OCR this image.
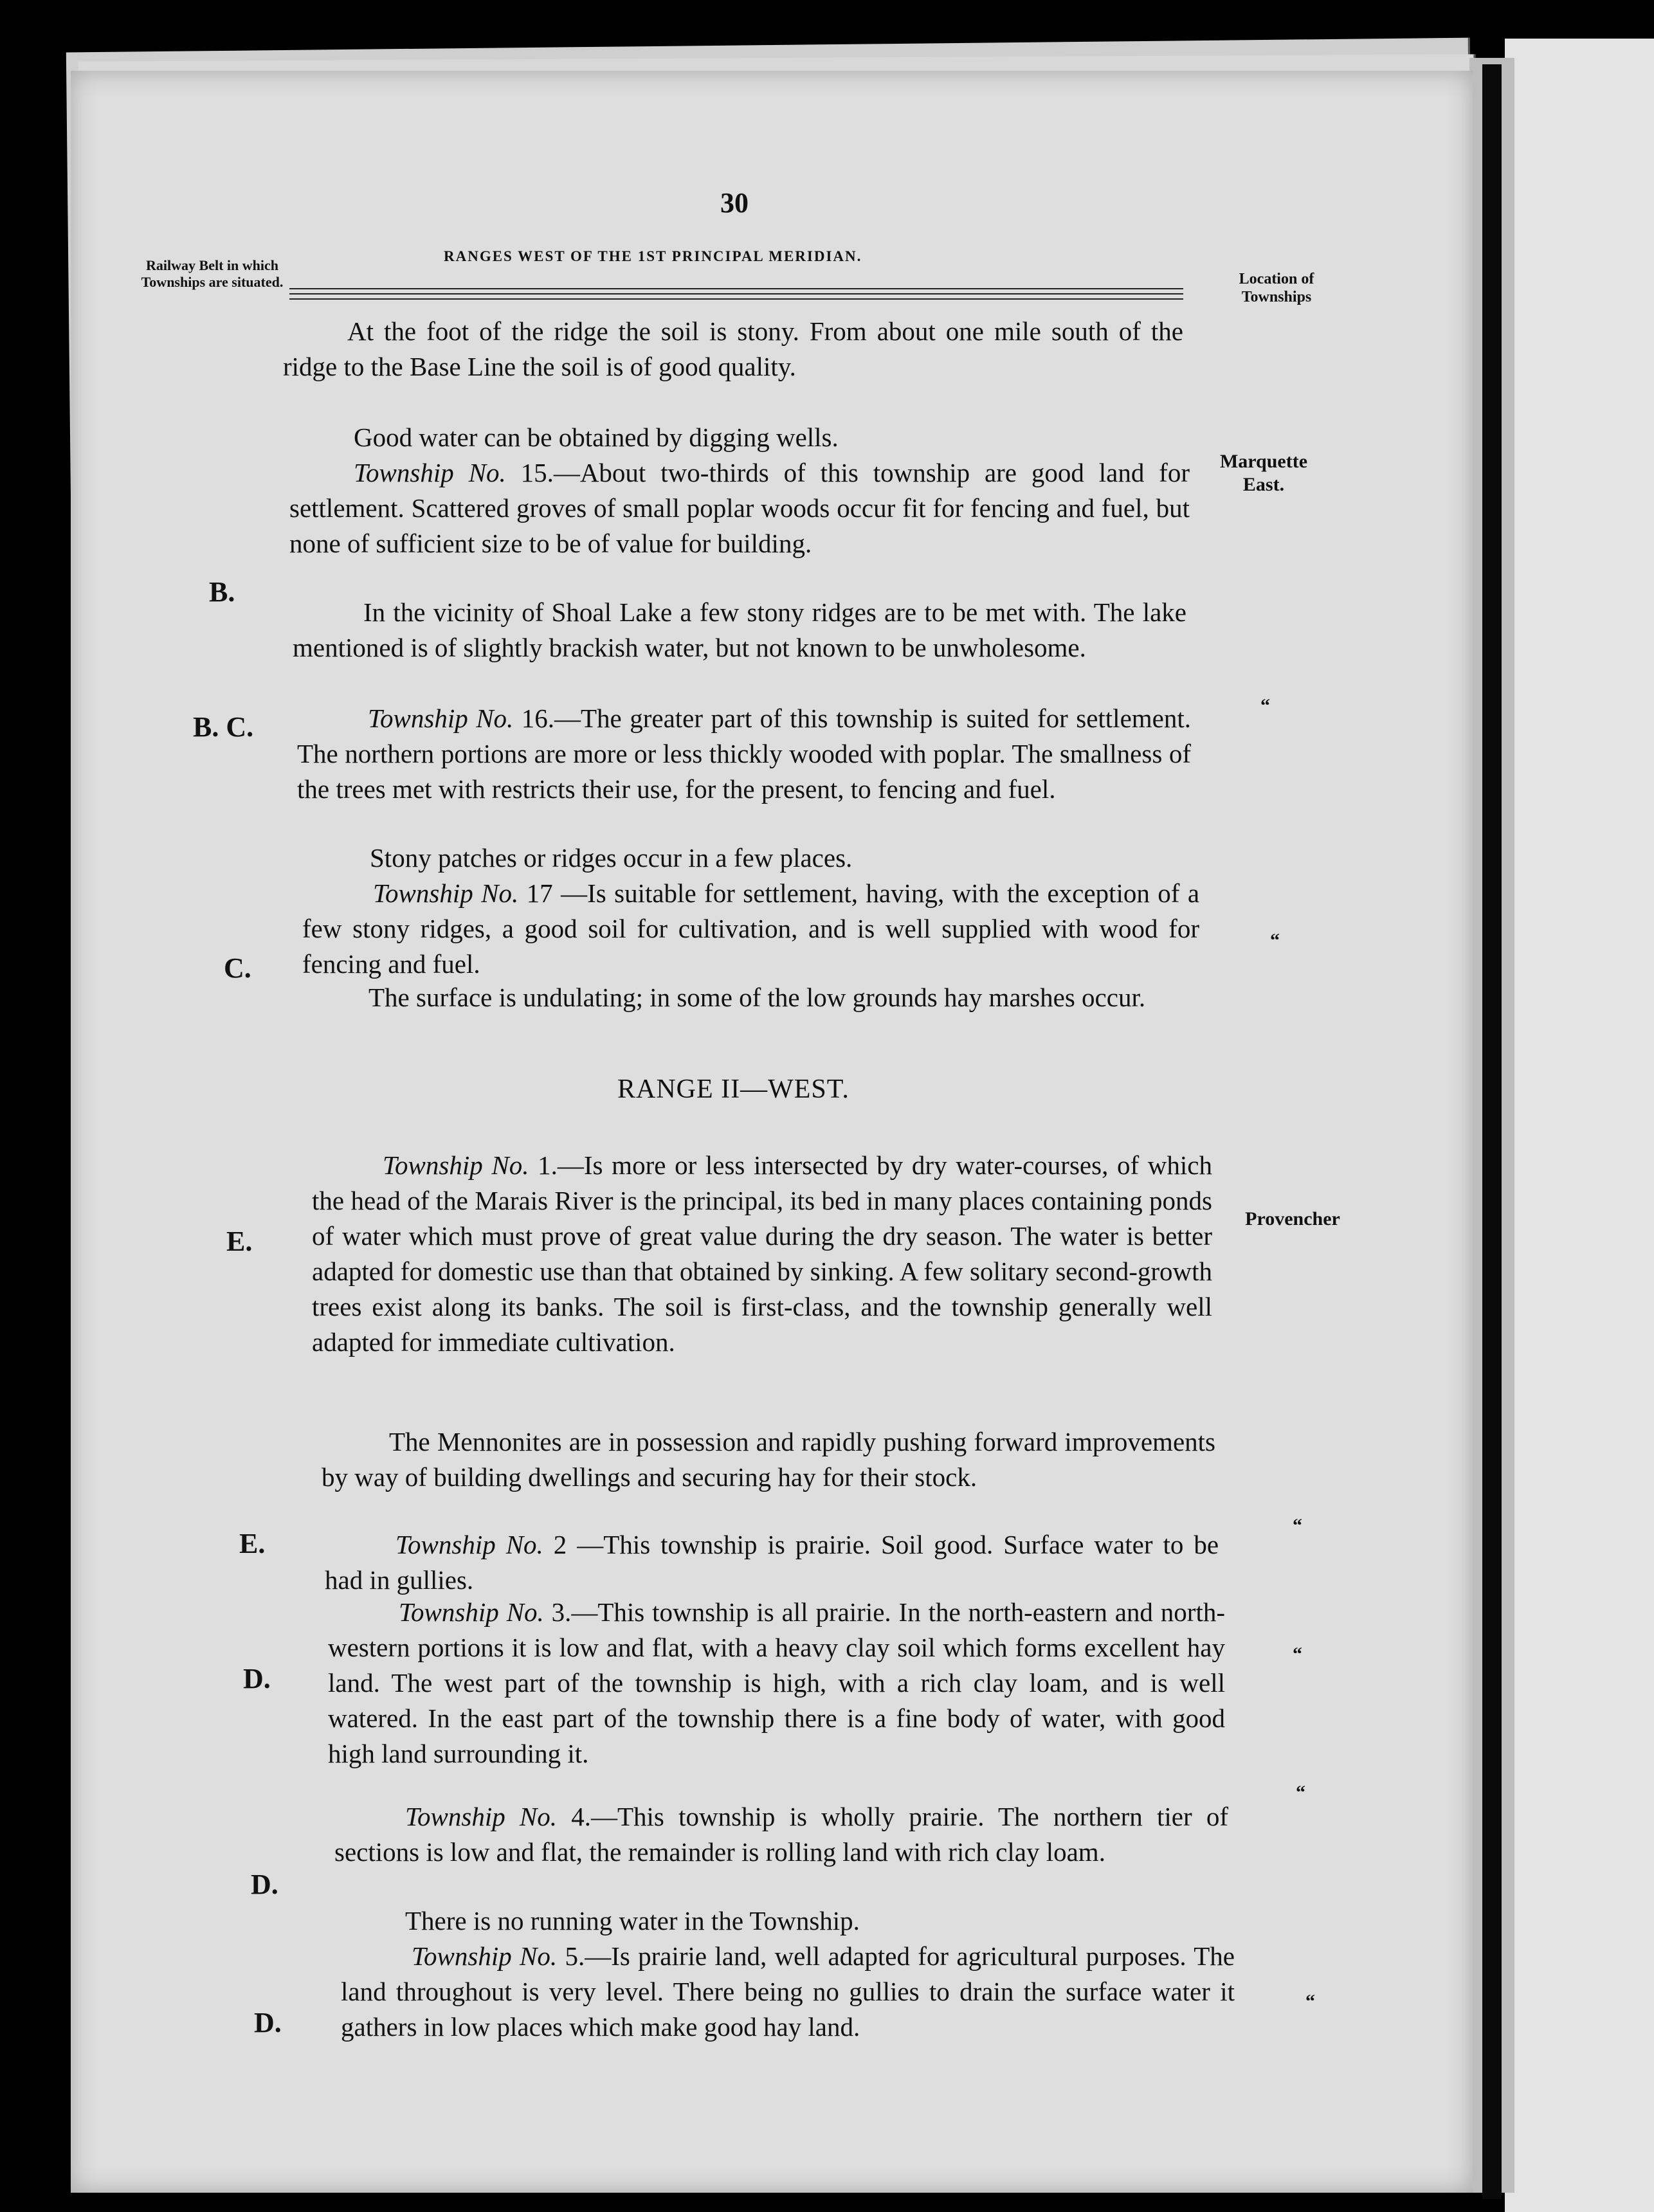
30
RANGES WEST OF THE 1ST PRINCIPAL MERIDIAN.
Railway Belt in which Townships are situated.	Location of Townships
At the foot of the ridge the soil is stony. From about one mile south of the ridge to the Base Line the soil is of good quality.
Good water can be obtained by digging wells.
Township No. 15.—About two-thirds of this township are good land for settlement. Scattered groves of small poplar woods occur fit for fencing and fuel, but none of sufficient size to be of value for building.
In the vicinity of Shoal Lake a few stony ridges are to be met with. The lake mentioned is of slightly brackish water, but not known to be unwholesome.
Township No. 16.—The greater part of this township is suited for settlement. The northern portions are more or less thickly wooded with poplar. The smallness of the trees met with restricts their use, for the present, to fencing and fuel.
Stony patches or ridges occur in a few places.
Township No. 17 —Is suitable for settlement, having, with the exception of a few stony ridges, a good soil for cultivation, and is well supplied with wood for fencing and fuel.
The surface is undulating; in some of the low grounds hay marshes occur.
RANGE II—WEST.
Township No. 1.—Is more or less intersected by dry water-courses, of which the head of the Marais River is the principal, its bed in many places containing ponds of water which must prove of great value during the dry season. The water is better adapted for domestic use than that obtained by sinking. A few solitary second-growth trees exist along its banks. The soil is first-class, and the township generally well adapted for immediate cultivation.
The Mennonites are in possession and rapidly pushing forward improvements by way of building dwellings and securing hay for their stock.
Township No. 2 —This township is prairie. Soil good. Surface water to be had in gullies.
Township No. 3.—This township is all prairie. In the north-eastern and north-western portions it is low and flat, with a heavy clay soil which forms excellent hay land. The west part of the township is high, with a rich clay loam, and is well watered. In the east part of the township there is a fine body of water, with good high land surrounding it.
Township No. 4.—This township is wholly prairie. The northern tier of sections is low and flat, the remainder is rolling land with rich clay loam.
There is no running water in the Township.
Township No. 5.—Is prairie land, well adapted for agricultural purposes. The land throughout is very level. There being no gullies to drain the surface water it gathers in low places which make good hay land.
B.
B. C.
C.
E.
E.
D.
D.
D.
Marquette East.
“
“
Provencher
“
“
“
“
